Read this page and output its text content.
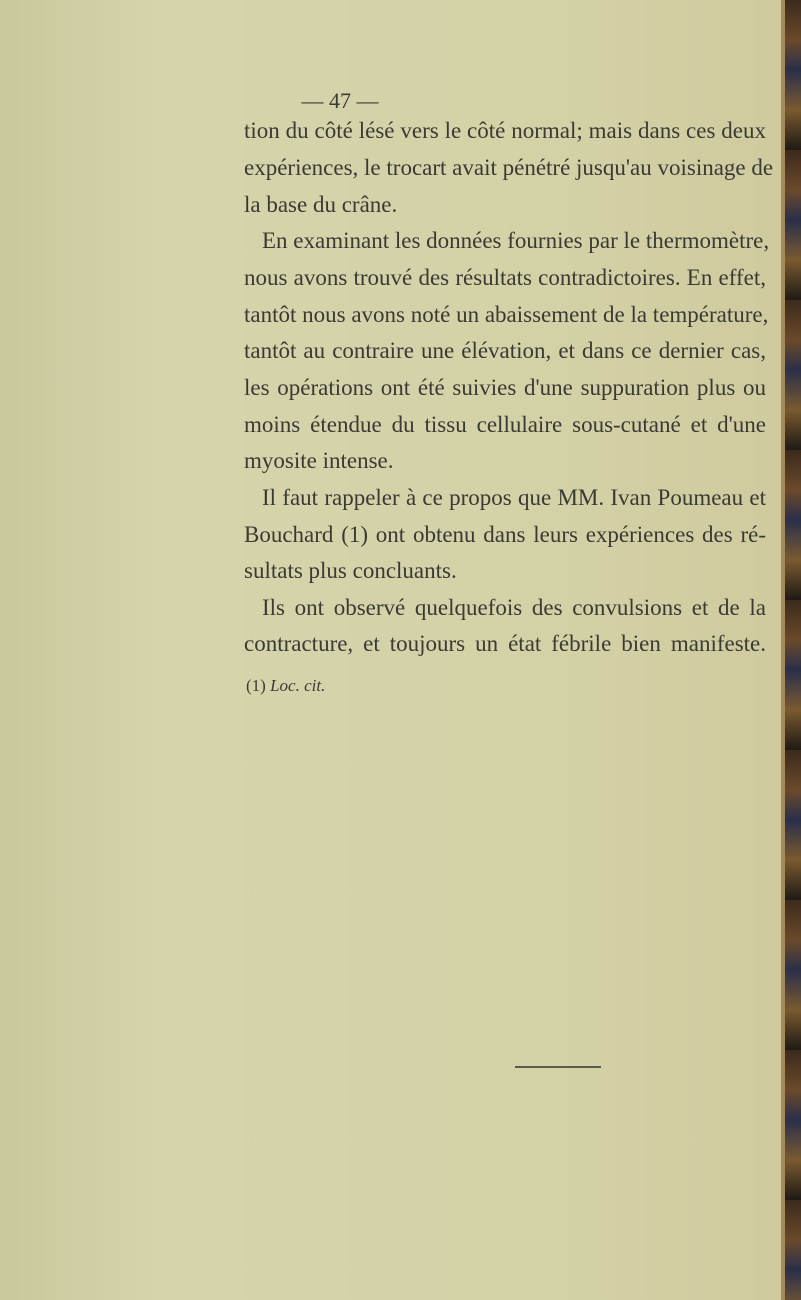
— 47 —
tion du côté lésé vers le côté normal; mais dans ces deux
expériences, le trocart avait pénétré jusqu'au voisinage de
la base du crâne.
En examinant les données fournies par le thermomètre,
nous avons trouvé des résultats contradictoires. En effet,
tantôt nous avons noté un abaissement de la température,
tantôt au contraire une élévation, et dans ce dernier cas,
les opérations ont été suivies d'une suppuration plus ou
moins étendue du tissu cellulaire sous-cutané et d'une
myosite intense.
Il faut rappeler à ce propos que MM. Ivan Poumeau et
Bouchard (1) ont obtenu dans leurs expériences des ré-
sultats plus concluants.
Ils ont observé quelquefois des convulsions et de la
contracture, et toujours un état fébrile bien manifeste.
(1) Loc. cit.
